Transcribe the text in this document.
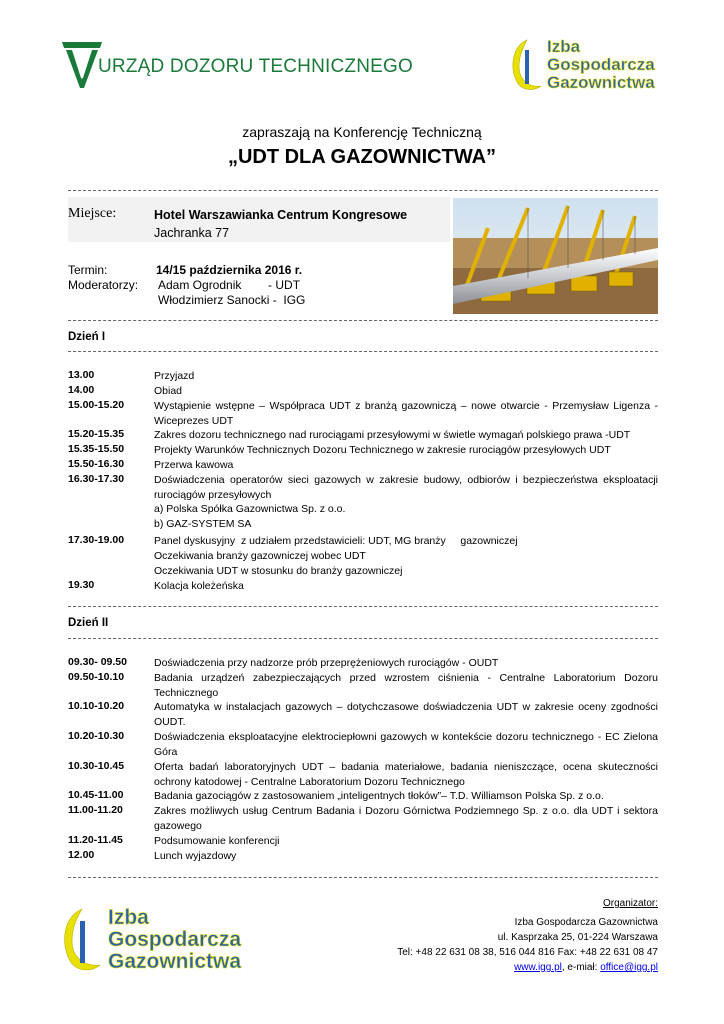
URZĄD DOZORU TECHNICZNEGO
Izba
Gospodarcza
Gazownictwa
zapraszają na Konferencję Techniczną
„UDT DLA GAZOWNICTWA”
Miejsce:	Hotel Warszawianka Centrum Kongresowe
Jachranka 77
Termin:	14/15 października 2016 r.
Moderatorzy: Adam Ogrodnik        - UDT
Włodzimierz Sanocki -  IGG
Dzień I
13.00	Przyjazd
14.00	Obiad
15.00-15.20	Wystąpienie wstępne – Współpraca UDT z branżą gazowniczą – nowe otwarcie - Przemysław Ligenza - Wiceprezes UDT
15.20-15.35	Zakres dozoru technicznego nad rurociągami przesyłowymi w świetle wymagań polskiego prawa -UDT
15.35-15.50	Projekty Warunków Technicznych Dozoru Technicznego w zakresie rurociągów przesyłowych UDT
15.50-16.30	Przerwa kawowa
16.30-17.30	Doświadczenia operatorów sieci gazowych w zakresie budowy, odbiorów i bezpieczeństwa eksploatacji rurociągów przesyłowych
a) Polska Spółka Gazownictwa Sp. z o.o.
b) GAZ-SYSTEM SA
17.30-19.00	Panel dyskusyjny  z udziałem przedstawicieli: UDT, MG branży     gazowniczej
Oczekiwania branży gazowniczej wobec UDT
Oczekiwania UDT w stosunku do branży gazowniczej
19.30	Kolacja koleżeńska
Dzień II
09.30- 09.50	Doświadczenia przy nadzorze prób przeprężeniowych rurociągów - OUDT
09.50-10.10	Badania urządzeń zabezpieczających przed wzrostem ciśnienia - Centralne Laboratorium Dozoru Technicznego
10.10-10.20	Automatyka w instalacjach gazowych – dotychczasowe doświadczenia UDT w zakresie oceny zgodności OUDT.
10.20-10.30	Doświadczenia eksploatacyjne elektrociepłowni gazowych w kontekście dozoru technicznego - EC Zielona Góra
10.30-10.45	Oferta badań laboratoryjnych UDT – badania materiałowe, badania nieniszczące, ocena skuteczności ochrony katodowej - Centralne Laboratorium Dozoru Technicznego
10.45-11.00	Badania gazociągów z zastosowaniem „inteligentnych tłoków”– T.D. Williamson Polska Sp. z o.o.
11.00-11.20	Zakres możliwych usług Centrum Badania i Dozoru Górnictwa Podziemnego Sp. z o.o. dla UDT i sektora gazowego
11.20-11.45	Podsumowanie konferencji
12.00	Lunch wyjazdowy
Izba
Gospodarcza
Gazownictwa
Organizator:
Izba Gospodarcza Gazownictwa
ul. Kasprzaka 25, 01-224 Warszawa
Tel: +48 22 631 08 38, 516 044 816 Fax: +48 22 631 08 47
www.igg.pl, e-miał: office@igg.pl
